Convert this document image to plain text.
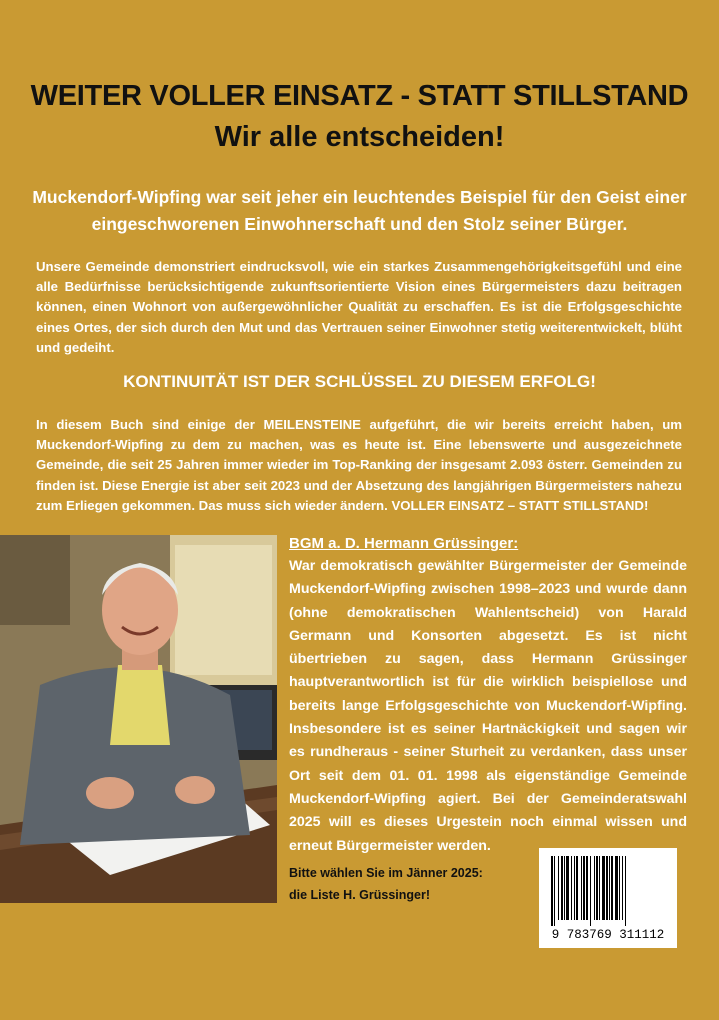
WEITER VOLLER EINSATZ - STATT STILLSTAND
Wir alle entscheiden!
Muckendorf-Wipfing war seit jeher ein leuchtendes Beispiel für den Geist einer eingeschworenen Einwohnerschaft und den Stolz seiner Bürger.
Unsere Gemeinde demonstriert eindrucksvoll, wie ein starkes Zusammengehörigkeitsgefühl und eine alle Bedürfnisse berücksichtigende zukunftsorientierte Vision eines Bürgermeisters dazu beitragen können, einen Wohnort von außergewöhnlicher Qualität zu erschaffen. Es ist die Erfolgsgeschichte eines Ortes, der sich durch den Mut und das Vertrauen seiner Einwohner stetig weiterentwickelt, blüht und gedeiht.
KONTINUITÄT IST DER SCHLÜSSEL ZU DIESEM ERFOLG!
In diesem Buch sind einige der MEILENSTEINE aufgeführt, die wir bereits erreicht haben, um Muckendorf-Wipfing zu dem zu machen, was es heute ist. Eine lebenswerte und ausgezeichnete Gemeinde, die seit 25 Jahren immer wieder im Top-Ranking der insgesamt 2.093 österr. Gemeinden zu finden ist. Diese Energie ist aber seit 2023 und der Absetzung des langjährigen Bürgermeisters nahezu zum Erliegen gekommen. Das muss sich wieder ändern. VOLLER EINSATZ – STATT STILLSTAND!
BGM a. D. Hermann Grüssinger:
War demokratisch gewählter Bürgermeister der Gemeinde Muckendorf-Wipfing zwischen 1998–2023 und wurde dann (ohne demokratischen Wahlentscheid) von Harald Germann und Konsorten abgesetzt. Es ist nicht übertrieben zu sagen, dass Hermann Grüssinger hauptverantwortlich ist für die wirklich beispiellose und bereits lange Erfolgsgeschichte von Muckendorf-Wipfing. Insbesondere ist es seiner Hartnäckigkeit und sagen wir es rundheraus - seiner Sturheit zu verdanken, dass unser Ort seit dem 01. 01. 1998 als eigenständige Gemeinde Muckendorf-Wipfing agiert. Bei der Gemeinderatswahl 2025 will es dieses Urgestein noch einmal wissen und erneut Bürgermeister werden.
Bitte wählen Sie im Jänner 2025:
die Liste H. Grüssinger!
9 783769 311112
